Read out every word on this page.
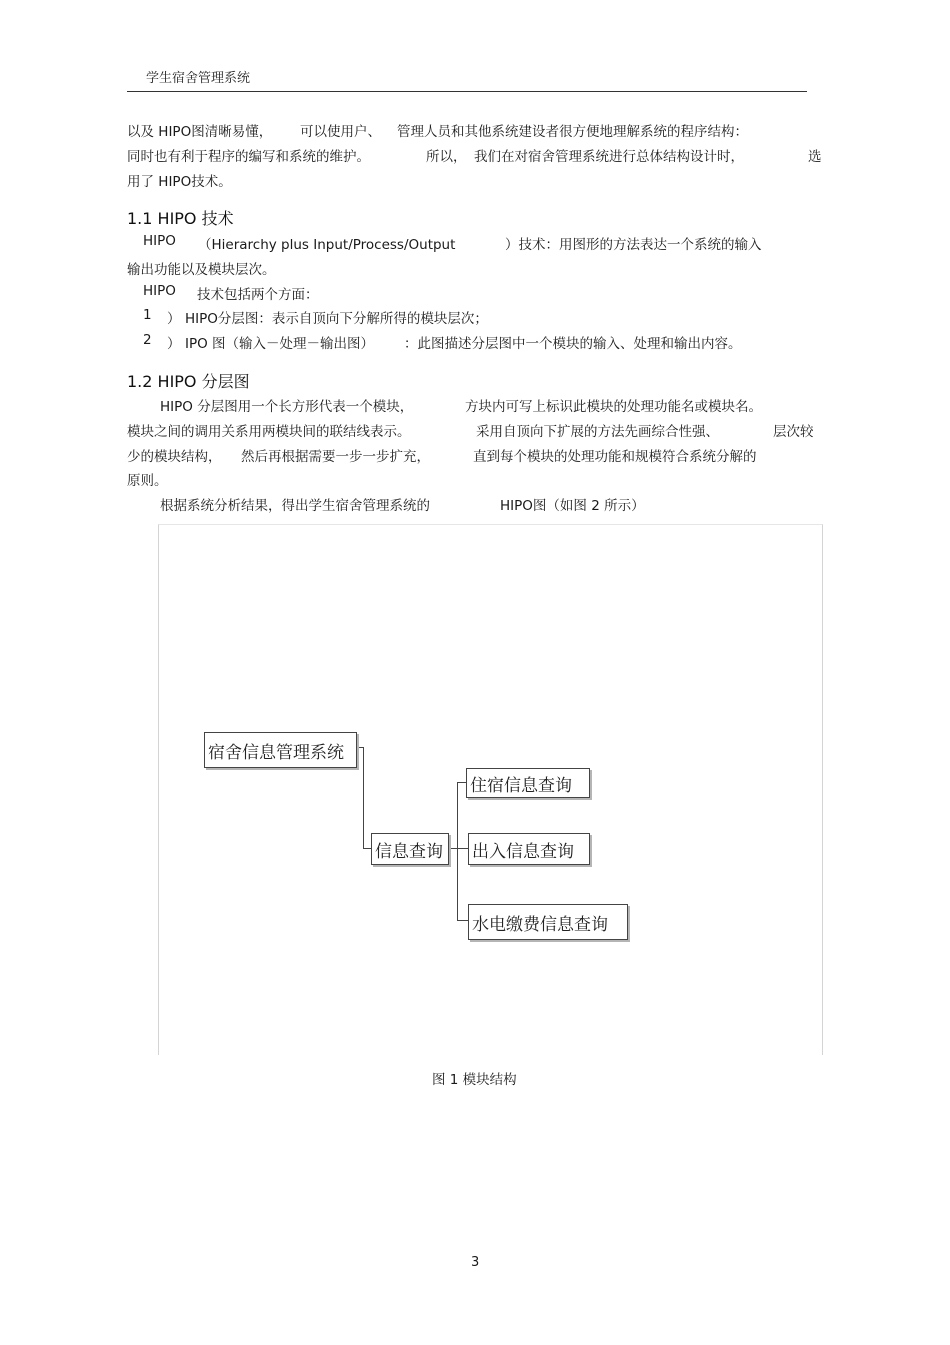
学生宿舍管理系统
以及 HIPO图清晰易懂， 可以使用户、 管理人员和其他系统建设者很方便地理解系统的程序结构：
同时也有利于程序的编写和系统的维护。	所以， 我们在对宿舍管理系统进行总体结构设计时，	选
用了 HIPO技术。
1.1 HIPO 技术
HIPO （Hierarchy plus Input/Process/Output	）技术：用图形的方法表达一个系统的输入
输出功能以及模块层次。
HIPO 技术包括两个方面：
1 ） HIPO分层图：表示自顶向下分解所得的模块层次；
2 ） IPO 图（输入－处理－输出图） ：此图描述分层图中一个模块的输入、处理和输出内容。
1.2 HIPO 分层图
HIPO 分层图用一个长方形代表一个模块，	方块内可写上标识此模块的处理功能名或模块名。
模块之间的调用关系用两模块间的联结线表示。	采用自顶向下扩展的方法先画综合性强、	层次较
少的模块结构， 然后再根据需要一步一步扩充，	直到每个模块的处理功能和规模符合系统分解的
原则。
根据系统分析结果，得出学生宿舍管理系统的	HIPO图（如图 2 所示）
宿舍信息管理系统
信息查询
住宿信息查询
出入信息查询
水电缴费信息查询
图 1 模块结构
3
